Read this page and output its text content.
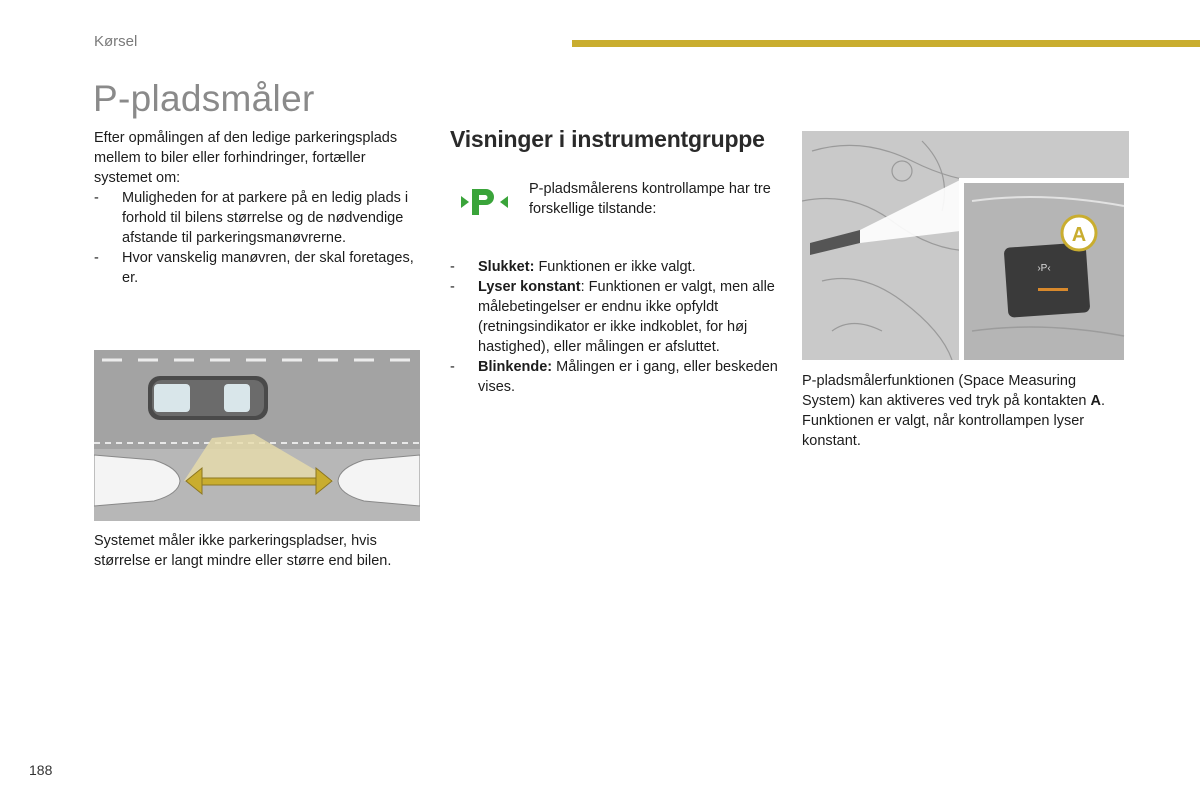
Kørsel
P-pladsmåler
Efter opmålingen af den ledige parkeringsplads mellem to biler eller forhindringer, fortæller systemet om:
-	Muligheden for at parkere på en ledig plads i forhold til bilens størrelse og de nødvendige afstande til parkeringsmanøvrerne.
-	Hvor vanskelig manøvren, der skal foretages, er.
Systemet måler ikke parkeringspladser, hvis størrelse er langt mindre eller større end bilen.
Visninger i instrumentgruppe
P-pladsmålerens kontrollampe har tre forskellige tilstande:
-	Slukket: Funktionen er ikke valgt.
-	Lyser konstant: Funktionen er valgt, men alle målebetingelser er endnu ikke opfyldt (retningsindikator er ikke indkoblet, for høj hastighed), eller målingen er afsluttet.
-	Blinkende: Målingen er i gang, eller beskeden vises.
›P‹
A
P-pladsmålerfunktionen (Space Measuring System) kan aktiveres ved tryk på kontakten A. Funktionen er valgt, når kontrollampen lyser konstant.
188
